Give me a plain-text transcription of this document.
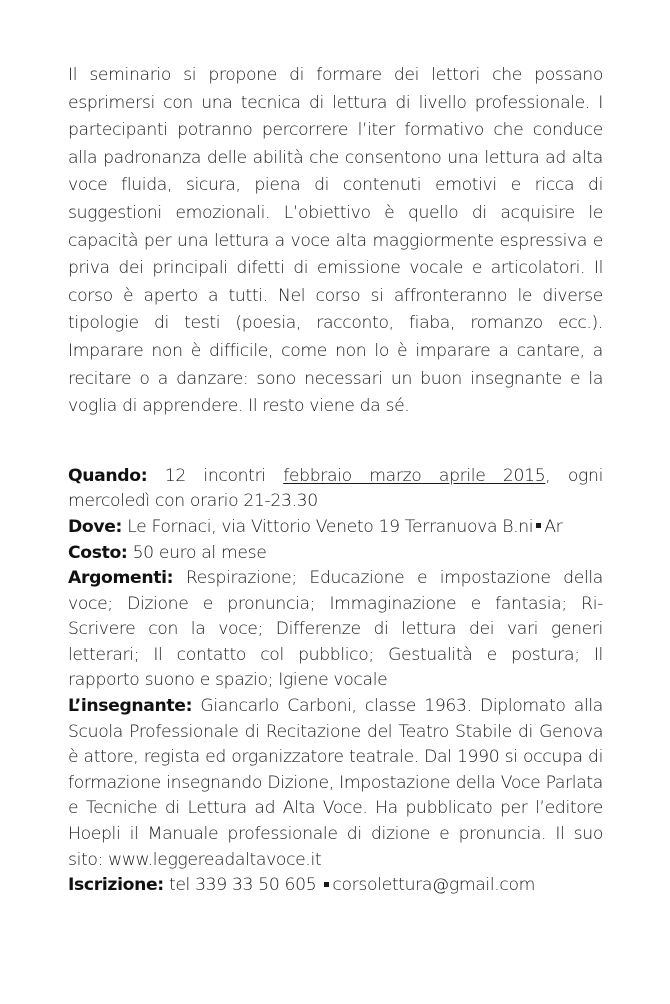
Il seminario si propone di formare dei lettori che possano esprimersi con una tecnica di lettura di livello professionale. I partecipanti potranno percorrere l’iter formativo che conduce alla padronanza delle abilità che consentono una lettura ad alta voce fluida, sicura, piena di contenuti emotivi e ricca di suggestioni emozionali. L’obiettivo è quello di acquisire le capacità per una lettura a voce alta maggiormente espressiva e priva dei principali difetti di emissione vocale e articolatori. Il corso è aperto a tutti. Nel corso si affronteranno le diverse tipologie di testi (poesia, racconto, fiaba, romanzo ecc.). Imparare non è difficile, come non lo è imparare a cantare, a recitare o a danzare: sono necessari un buon insegnante e la voglia di apprendere. Il resto viene da sé.

Quando: 12 incontri febbraio marzo aprile 2015, ogni mercoledì con orario 21-23.30

Dove: Le Fornaci, via Vittorio Veneto 19 Terranuova B.ni Ar

Costo: 50 euro al mese

Argomenti: Respirazione; Educazione e impostazione della voce; Dizione e pronuncia; Immaginazione e fantasia; Ri-Scrivere con la voce; Differenze di lettura dei vari generi letterari; Il contatto col pubblico; Gestualità e postura; Il rapporto suono e spazio; Igiene vocale

L’insegnante: Giancarlo Carboni, classe 1963. Diplomato alla Scuola Professionale di Recitazione del Teatro Stabile di Genova è attore, regista ed organizzatore teatrale. Dal 1990 si occupa di formazione insegnando Dizione, Impostazione della Voce Parlata e Tecniche di Lettura ad Alta Voce. Ha pubblicato per l’editore Hoepli il Manuale professionale di dizione e pronuncia. Il suo sito: www.leggereadaltavoce.it

Iscrizione: tel 339 33 50 605 corsolettura@gmail.com
